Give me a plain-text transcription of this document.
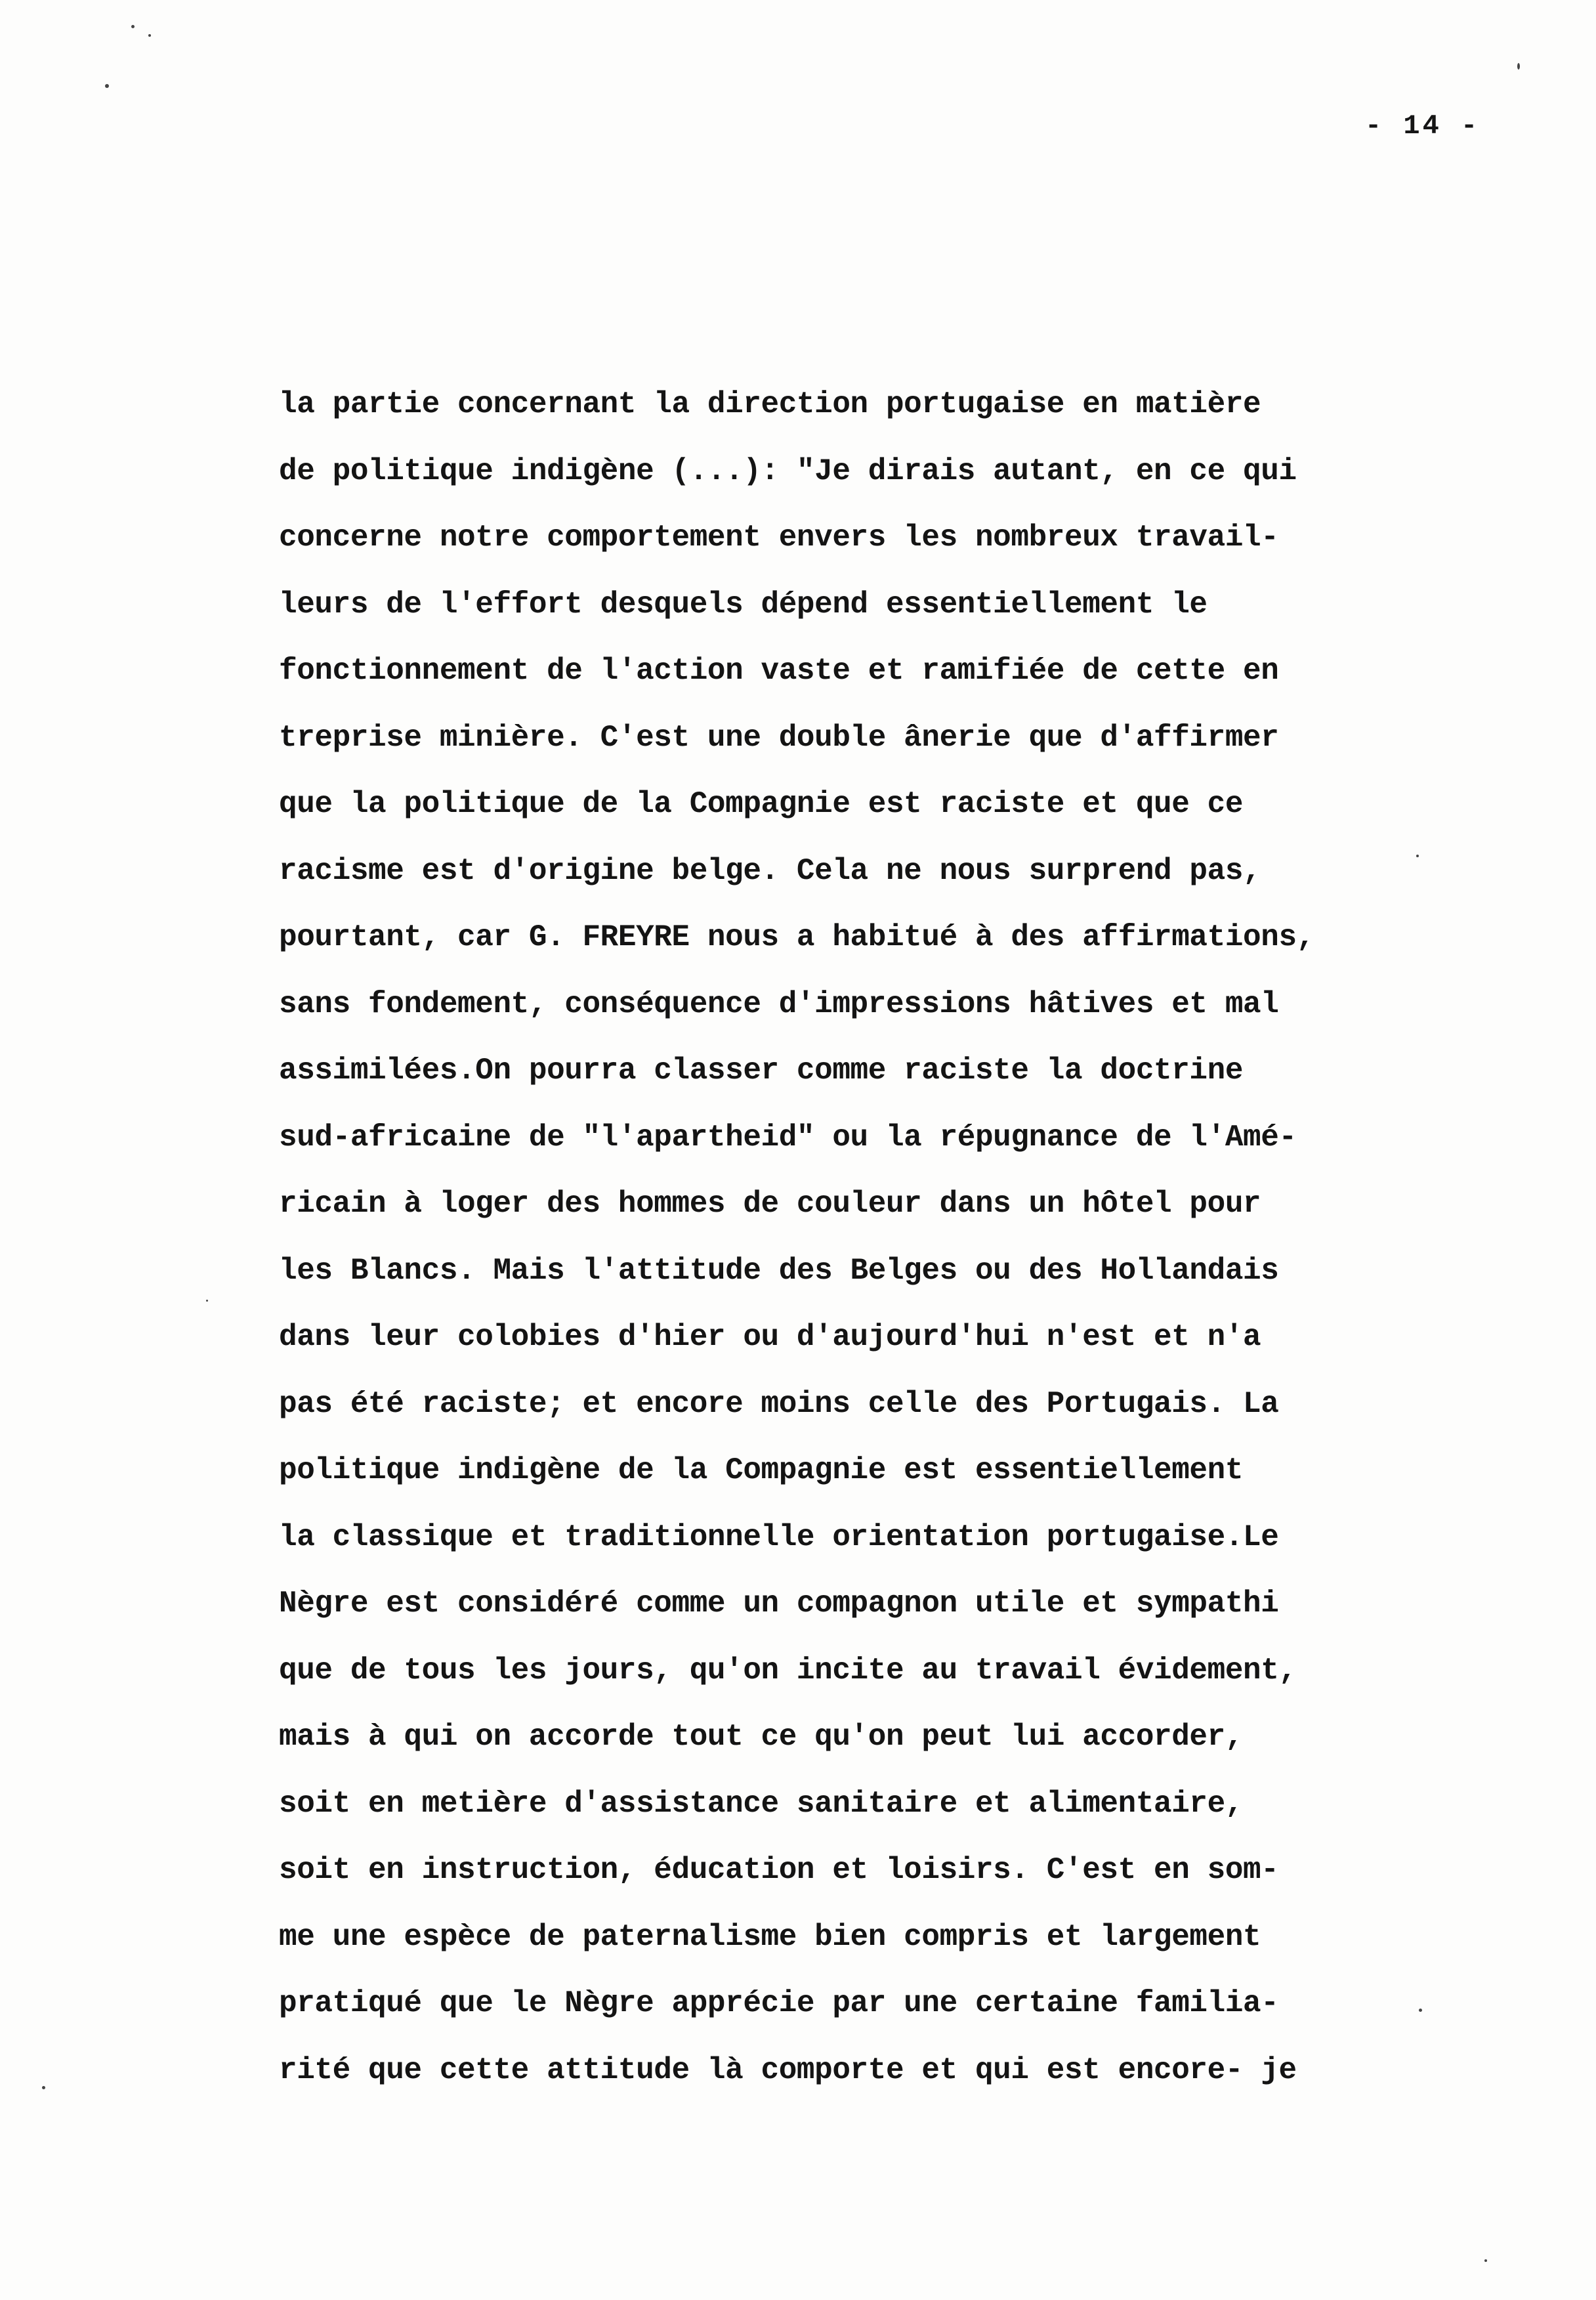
- 14 -
la partie concernant la direction portugaise en matière
de politique indigène (...): "Je dirais autant, en ce qui
concerne notre comportement envers les nombreux travail-
leurs de l'effort desquels dépend essentiellement le
fonctionnement de l'action vaste et ramifiée de cette en
treprise minière. C'est une double ânerie que d'affirmer
que la politique de la Compagnie est raciste et que ce
racisme est d'origine belge. Cela ne nous surprend pas,
pourtant, car G. FREYRE nous a habitué à des affirmations,
sans fondement, conséquence d'impressions hâtives et mal
assimilées.On pourra classer comme raciste la doctrine
sud-africaine de "l'apartheid" ou la répugnance de l'Amé-
ricain à loger des hommes de couleur dans un hôtel pour
les Blancs. Mais l'attitude des Belges ou des Hollandais
dans leur colobies d'hier ou d'aujourd'hui n'est et n'a
pas été raciste; et encore moins celle des Portugais. La
politique indigène de la Compagnie est essentiellement
la classique et traditionnelle orientation portugaise.Le
Nègre est considéré comme un compagnon utile et sympathi
que de tous les jours, qu'on incite au travail évidement,
mais à qui on accorde tout ce qu'on peut lui accorder,
soit en metière d'assistance sanitaire et alimentaire,
soit en instruction, éducation et loisirs. C'est en som-
me une espèce de paternalisme bien compris et largement
pratiqué que le Nègre apprécie par une certaine familia-
rité que cette attitude là comporte et qui est encore- je
